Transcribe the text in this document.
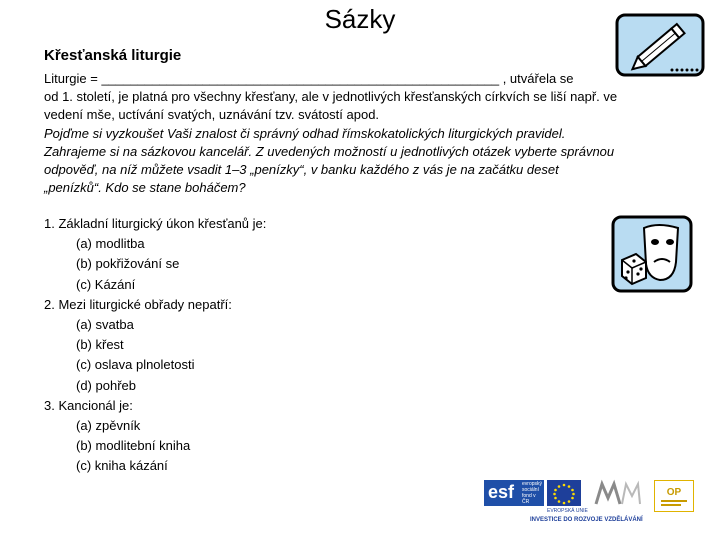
Sázky
Křesťanská liturgie
Liturgie = _______________________________________________________ , utvářela se
od 1. století, je platná pro všechny křesťany, ale v jednotlivých křesťanských církvích se liší např. ve vedení mše, uctívání svatých, uznávání tzv. svátostí apod.
Pojďme si vyzkoušet Vaši znalost či správný odhad římskokatolických liturgických pravidel. Zahrajeme si na sázkovou kancelář. Z uvedených možností u jednotlivých otázek vyberte správnou odpověď, na níž můžete vsadit 1–3 „penízky“, v banku každého z vás je na začátku deset „penízků“. Kdo se stane boháčem?
1. Základní liturgický úkon křesťanů je:
(a) modlitba
(b) pokřižování se
(c) Kázání
2. Mezi liturgické obřady nepatří:
(a) svatba
(b) křest
(c) oslava plnoletosti
(d) pohřeb
3. Kancionál je:
(a) zpěvník
(b) modlitební kniha
(c) kniha kázání
esf evropský sociální fond v ČR
EVROPSKÁ UNIE
OP
INVESTICE DO ROZVOJE VZDĚLÁVÁNÍ
